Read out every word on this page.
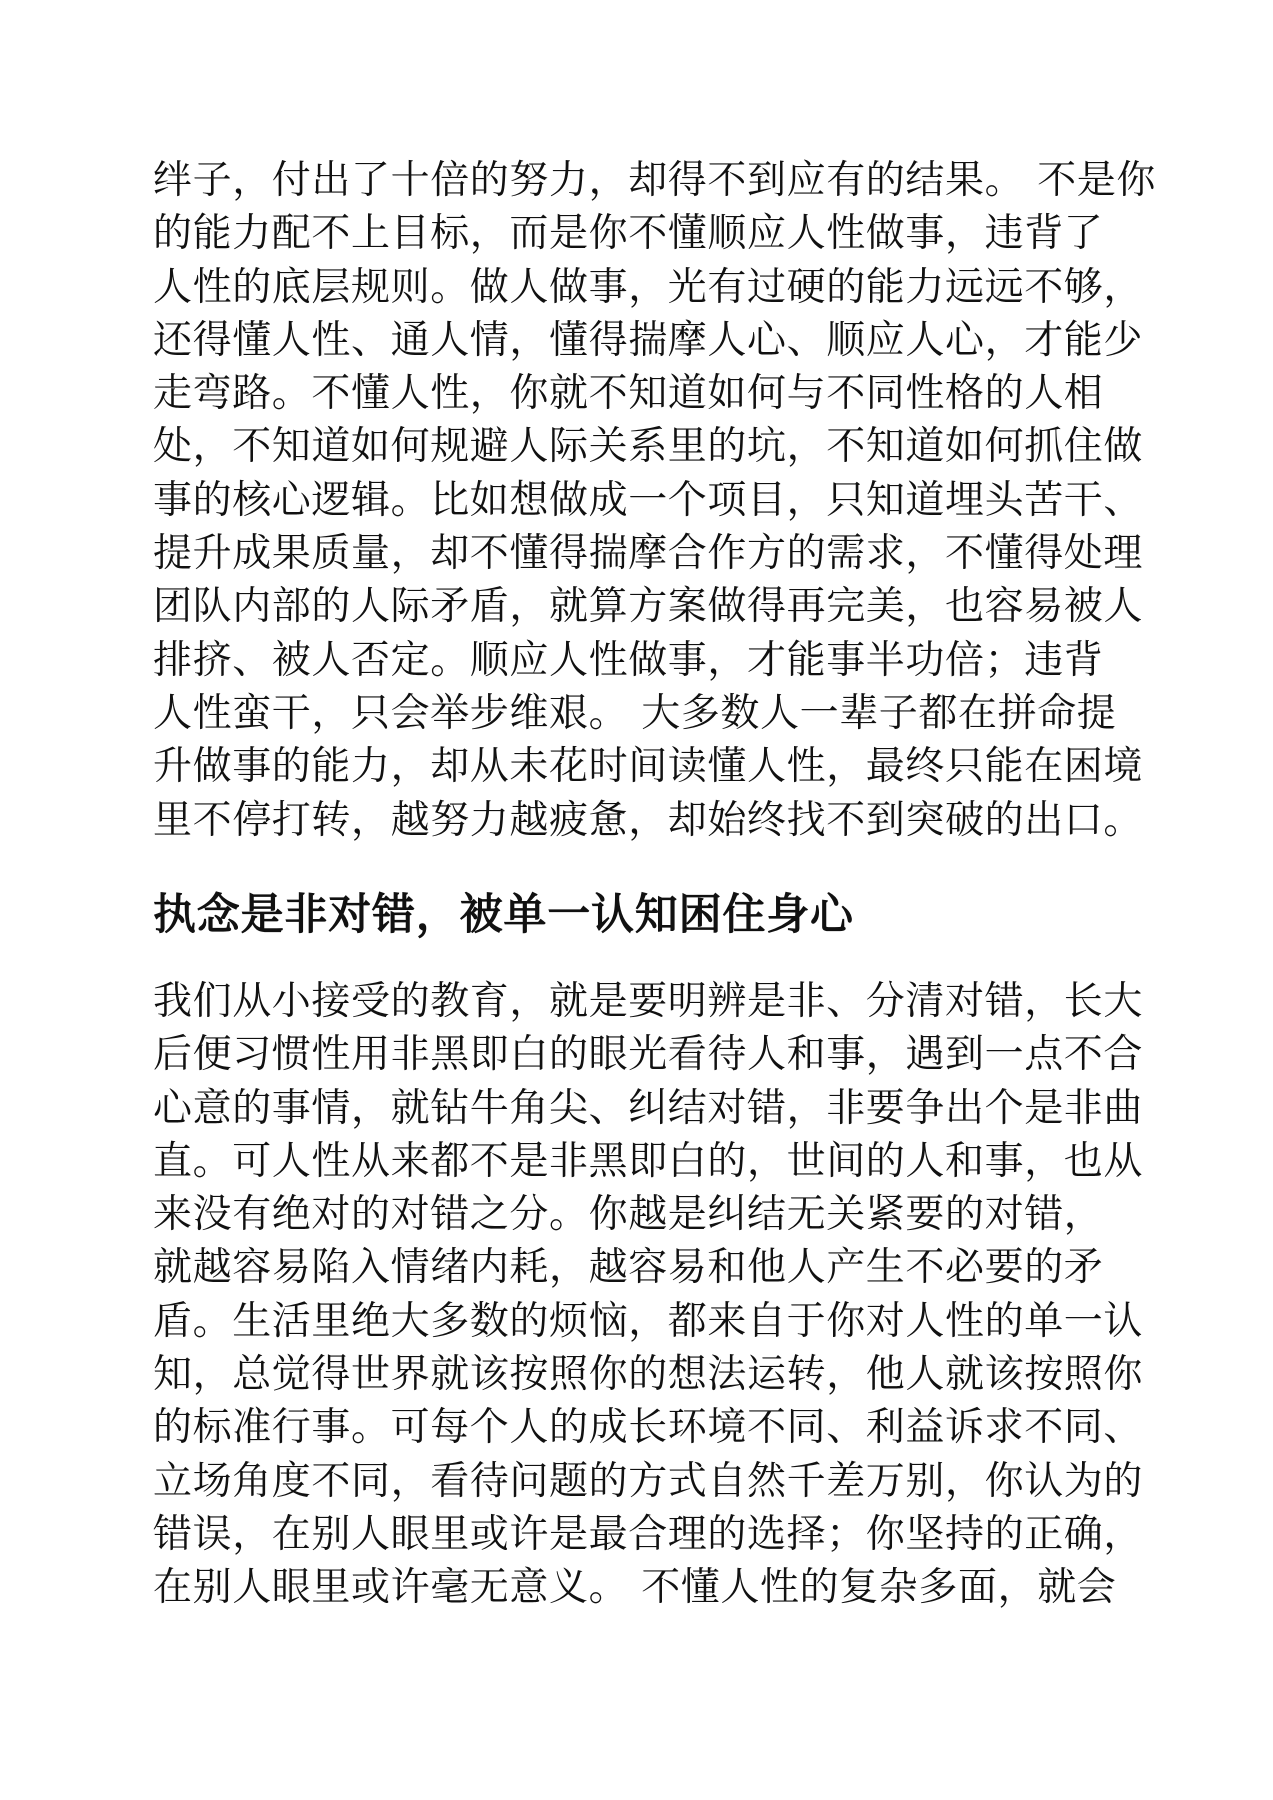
绊子，付出了十倍的努力，却得不到应有的结果。 不是你
的能力配不上目标，而是你不懂顺应人性做事，违背了
人性的底层规则。做人做事，光有过硬的能力远远不够，
还得懂人性、通人情，懂得揣摩人心、顺应人心，才能少
走弯路。不懂人性，你就不知道如何与不同性格的人相
处，不知道如何规避人际关系里的坑，不知道如何抓住做
事的核心逻辑。比如想做成一个项目，只知道埋头苦干、
提升成果质量，却不懂得揣摩合作方的需求，不懂得处理
团队内部的人际矛盾，就算方案做得再完美，也容易被人
排挤、被人否定。顺应人性做事，才能事半功倍；违背
人性蛮干，只会举步维艰。 大多数人一辈子都在拼命提
升做事的能力，却从未花时间读懂人性，最终只能在困境
里不停打转，越努力越疲惫，却始终找不到突破的出口。
执念是非对错，被单一认知困住身心
我们从小接受的教育，就是要明辨是非、分清对错，长大
后便习惯性用非黑即白的眼光看待人和事，遇到一点不合
心意的事情，就钻牛角尖、纠结对错，非要争出个是非曲
直。可人性从来都不是非黑即白的，世间的人和事，也从
来没有绝对的对错之分。你越是纠结无关紧要的对错，
就越容易陷入情绪内耗，越容易和他人产生不必要的矛
盾。生活里绝大多数的烦恼，都来自于你对人性的单一认
知，总觉得世界就该按照你的想法运转，他人就该按照你
的标准行事。可每个人的成长环境不同、利益诉求不同、
立场角度不同，看待问题的方式自然千差万别，你认为的
错误，在别人眼里或许是最合理的选择；你坚持的正确，
在别人眼里或许毫无意义。 不懂人性的复杂多面，就会
